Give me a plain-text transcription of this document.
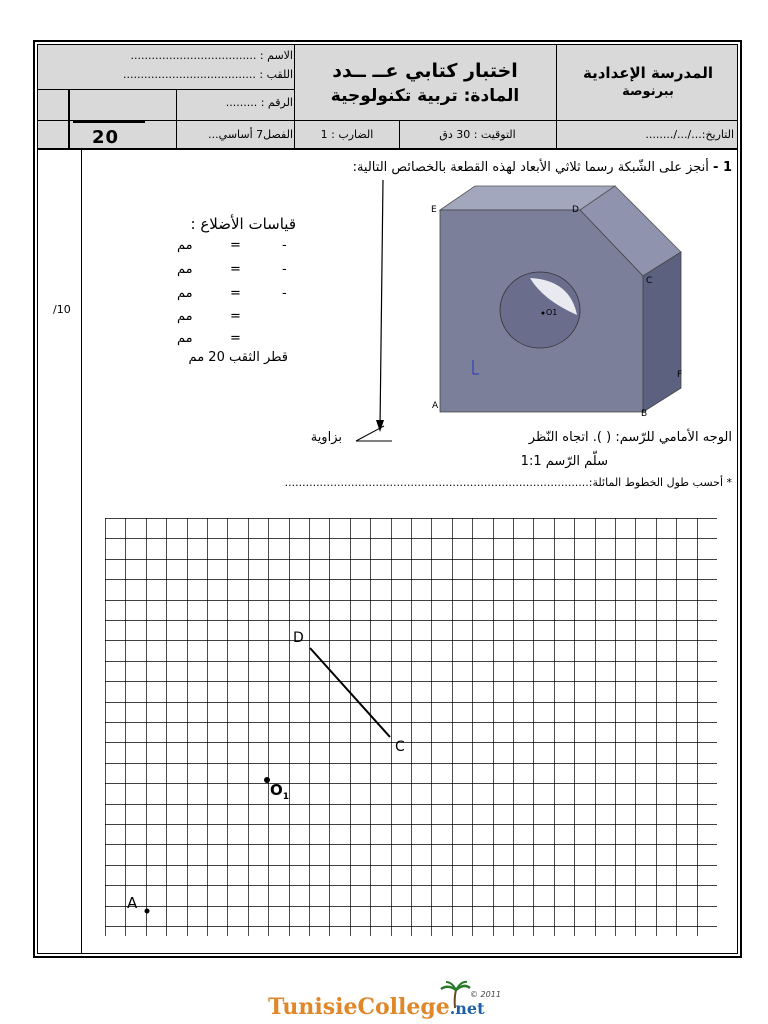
المدرسة الإعدادية
ببرنوصة
اختبار كتابي عــ ــدد
المادة: تربية تكنولوجية
الاسم : ....................................
اللقب : ......................................
الرقم : .........
20	الفصل7 أساسي...	الضارب : 1	التوقيت : 30 دق	التاريخ:.../.../........
/10
1 - أنجز على الشّبكة رسما ثلاثي الأبعاد لهذه القطعة بالخصائص التالية:
قياسات الأضلاع :
مم	=	-
مم	=	-
مم	=	-
مم	=
مم	=
قطر الثقب 20 مم
E	D
C
F
A
B
O1
الوجه الأمامي للرّسم: ( ). اتجاه النّظر
بزاوية
سلّم الرّسم 1:1
* أحسب طول الخطوط المائلة:.......................................................................................
D
C
$O_1$
A
TunisieCollege.net
© 2011
